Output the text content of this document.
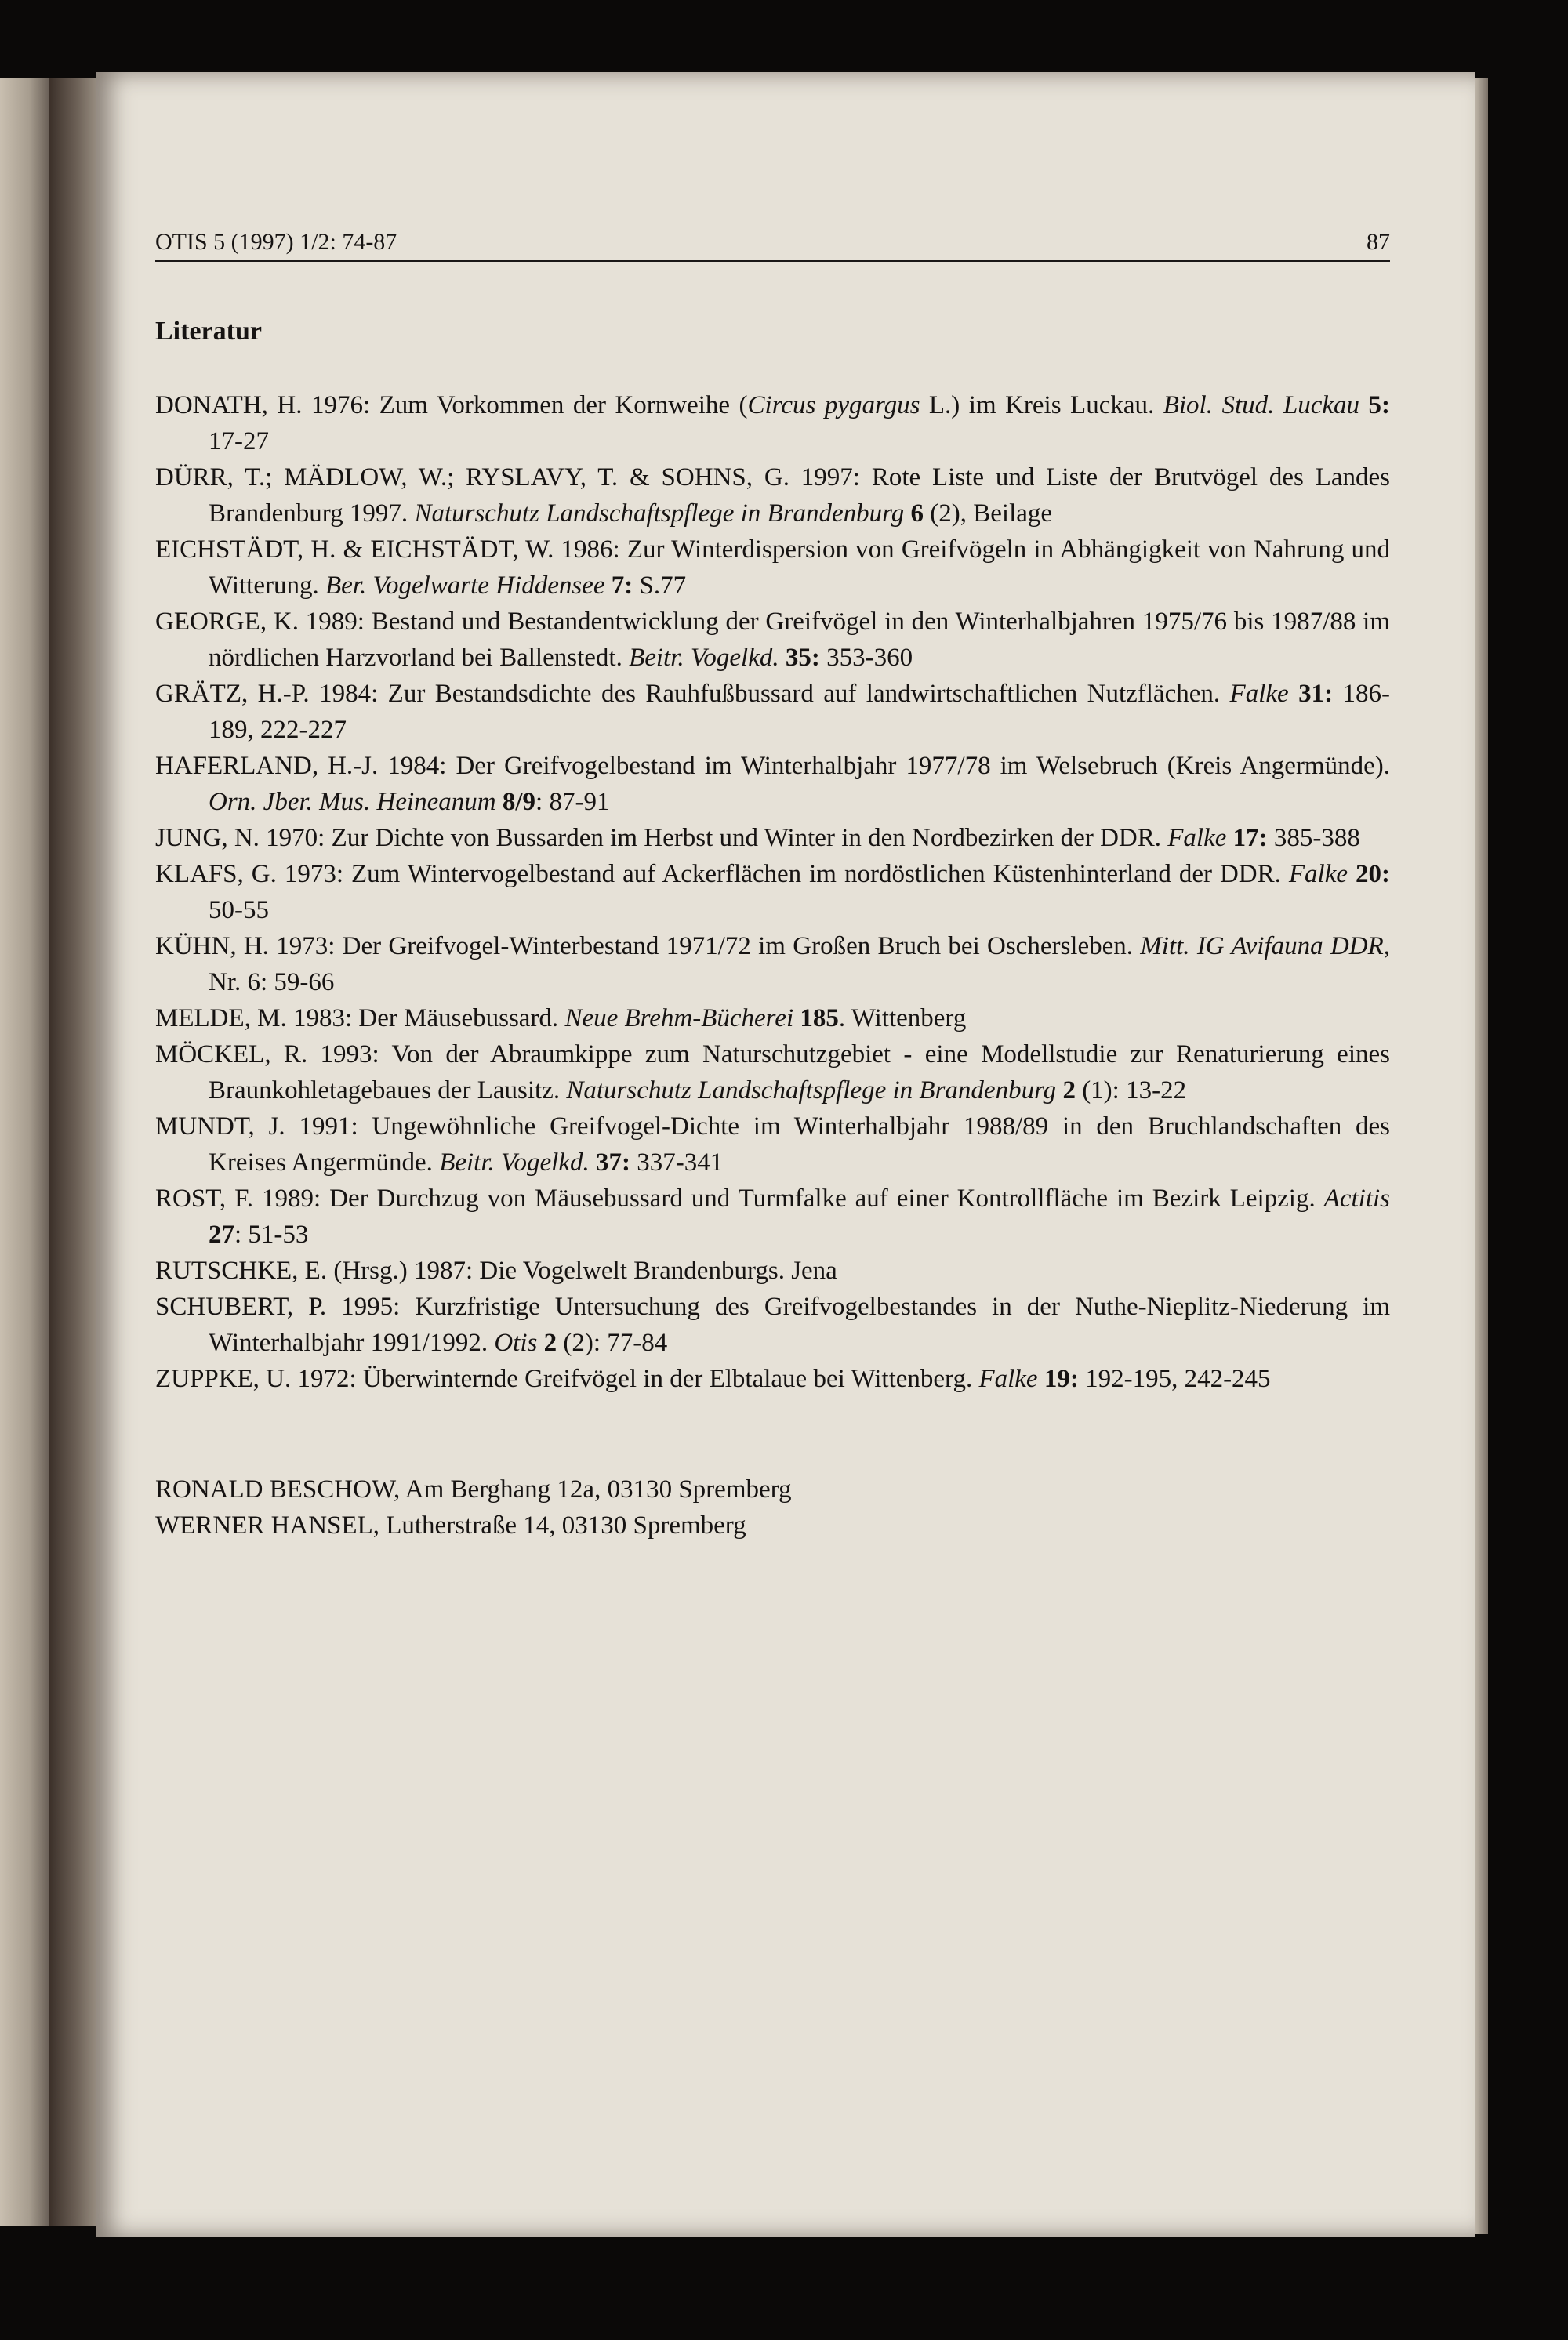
OTIS 5 (1997) 1/2: 74-87	87
Literatur

DONATH, H. 1976: Zum Vorkommen der Kornweihe (Circus pygargus L.) im Kreis Luckau. Biol. Stud. Luckau 5: 17-27

DÜRR, T.; MÄDLOW, W.; RYSLAVY, T. & SOHNS, G. 1997: Rote Liste und Liste der Brutvögel des Landes Brandenburg 1997. Naturschutz Landschaftspflege in Brandenburg 6 (2), Beilage

EICHSTÄDT, H. & EICHSTÄDT, W. 1986: Zur Winterdispersion von Greifvögeln in Abhängigkeit von Nahrung und Witterung. Ber. Vogelwarte Hiddensee 7: S.77

GEORGE, K. 1989: Bestand und Bestandentwicklung der Greifvögel in den Winterhalbjahren 1975/76 bis 1987/88 im nördlichen Harzvorland bei Ballenstedt. Beitr. Vogelkd. 35: 353-360

GRÄTZ, H.-P. 1984: Zur Bestandsdichte des Rauhfußbussard auf landwirtschaftlichen Nutzflächen. Falke 31: 186-189, 222-227

HAFERLAND, H.-J. 1984: Der Greifvogelbestand im Winterhalbjahr 1977/78 im Welsebruch (Kreis Angermünde). Orn. Jber. Mus. Heineanum 8/9: 87-91

JUNG, N. 1970: Zur Dichte von Bussarden im Herbst und Winter in den Nordbezirken der DDR. Falke 17: 385-388

KLAFS, G. 1973: Zum Wintervogelbestand auf Ackerflächen im nordöstlichen Küstenhinterland der DDR. Falke 20: 50-55

KÜHN, H. 1973: Der Greifvogel-Winterbestand 1971/72 im Großen Bruch bei Oschersleben. Mitt. IG Avifauna DDR, Nr. 6: 59-66

MELDE, M. 1983: Der Mäusebussard. Neue Brehm-Bücherei 185. Wittenberg

MÖCKEL, R. 1993: Von der Abraumkippe zum Naturschutzgebiet - eine Modellstudie zur Renaturierung eines Braunkohletagebaues der Lausitz. Naturschutz Landschaftspflege in Brandenburg 2 (1): 13-22

MUNDT, J. 1991: Ungewöhnliche Greifvogel-Dichte im Winterhalbjahr 1988/89 in den Bruchlandschaften des Kreises Angermünde. Beitr. Vogelkd. 37: 337-341

ROST, F. 1989: Der Durchzug von Mäusebussard und Turmfalke auf einer Kontrollfläche im Bezirk Leipzig. Actitis 27: 51-53

RUTSCHKE, E. (Hrsg.) 1987: Die Vogelwelt Brandenburgs. Jena

SCHUBERT, P. 1995: Kurzfristige Untersuchung des Greifvogelbestandes in der Nuthe-Nieplitz-Niederung im Winterhalbjahr 1991/1992. Otis 2 (2): 77-84

ZUPPKE, U. 1972: Überwinternde Greifvögel in der Elbtalaue bei Wittenberg. Falke 19: 192-195, 242-245

RONALD BESCHOW, Am Berghang 12a, 03130 Spremberg
WERNER HANSEL, Lutherstraße 14, 03130 Spremberg
